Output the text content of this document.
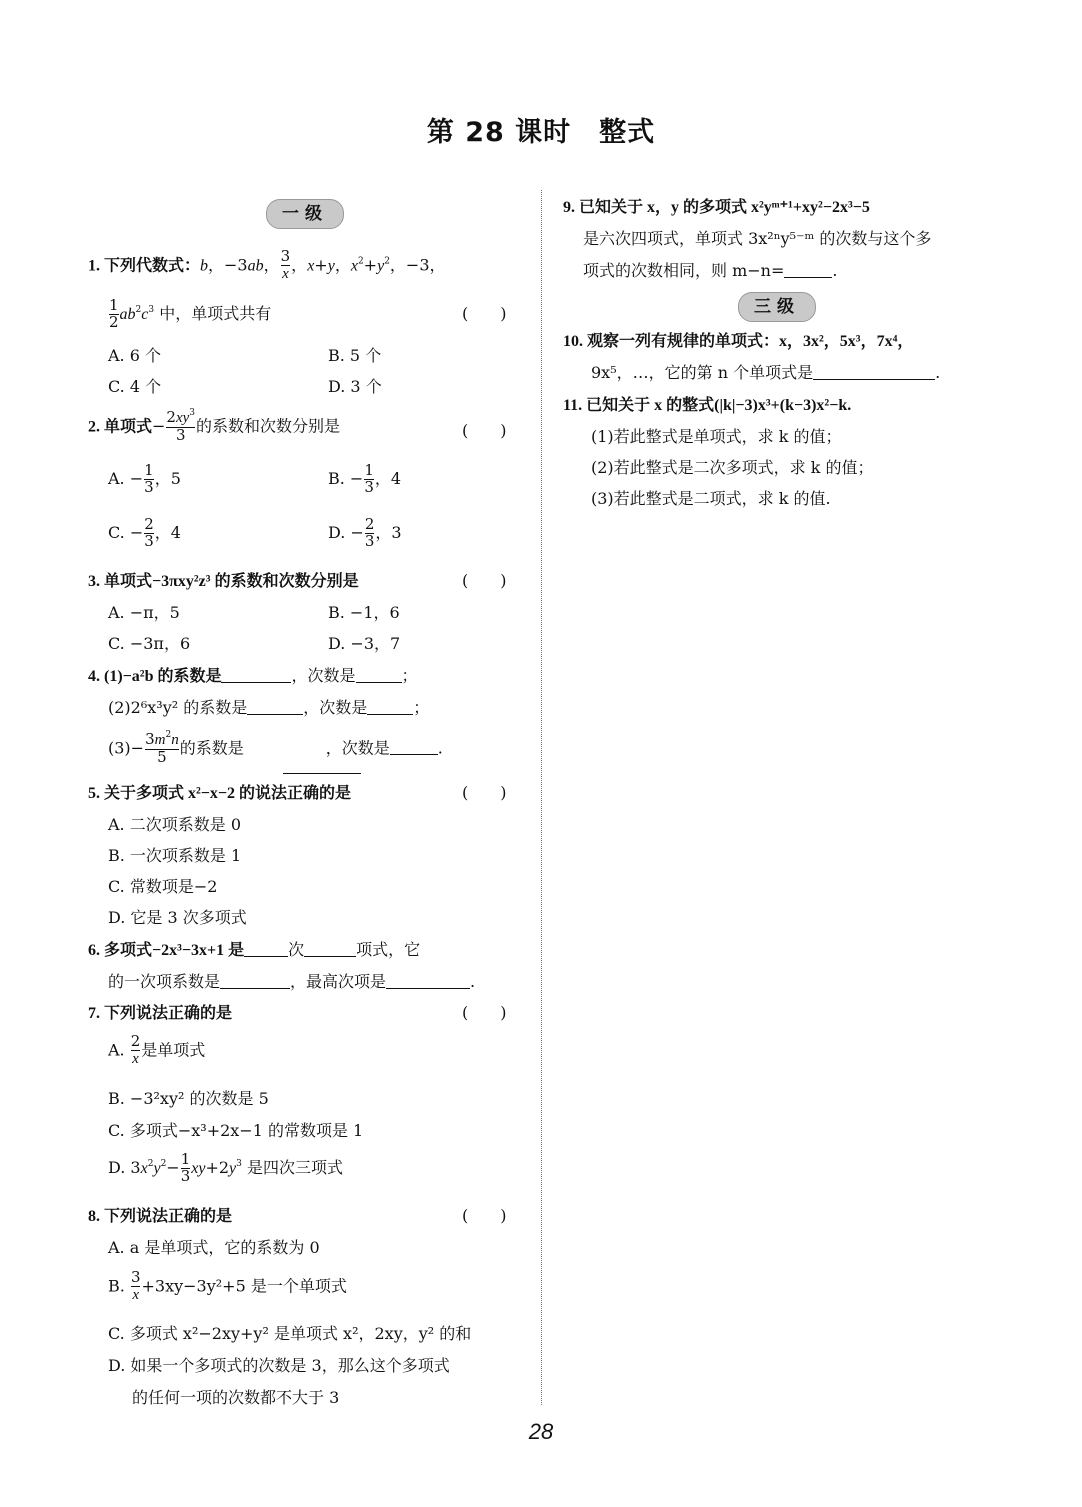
第 28 课时　整式
一级
1. 下列代数式：b，−3ab， $\frac{3}{x}$ ，x+y，$x^2+y^2$，−3，
$\frac{1}{2} ab^2c^3$ 中，单项式共有	(　　)
A. 6 个	B. 5 个
C. 4 个	D. 3 个
2. 单项式− $\frac{2xy^3}{3}$ 的系数和次数分别是	(　　)
A. − $\frac{1}{3}$ ，5	B. − $\frac{1}{3}$ ，4
C. − $\frac{2}{3}$ ，4	D. − $\frac{2}{3}$ ，3
3. 单项式−3πxy²z³ 的系数和次数分别是	(　　)
A. −π，5	B. −1，6
C. −3π，6	D. −3，7
4. (1)−a²b 的系数是	，次数是	；
(2)2⁶x³y² 的系数是	，次数是	；
$(3)- \frac{3m^2n}{5}$ 的系数是	，次数是	.
5. 关于多项式 x²−x−2 的说法正确的是	(　　)
A. 二次项系数是 0
B. 一次项系数是 1
C. 常数项是−2
D. 它是 3 次多项式
6. 多项式−2x³−3x+1 是	次	项式，它
的一次项系数是	，最高次项是	.
7. 下列说法正确的是	(　　)
A. $\frac{2}{x}$ 是单项式
B. −3²xy² 的次数是 5
C. 多项式−x³+2x−1 的常数项是 1
D. $3x^2y^2- \frac{1}{3} xy+2y^3$ 是四次三项式
8. 下列说法正确的是	(　　)
A. a 是单项式，它的系数为 0
B. $\frac{3}{x} +3xy-3y^2+5$ 是一个单项式
C. 多项式 x²−2xy+y² 是单项式 x²，2xy，y² 的和
D. 如果一个多项式的次数是 3，那么这个多项式
的任何一项的次数都不大于 3
9. 已知关于 x，y 的多项式 x²yᵐ⁺¹+xy²−2x³−5
是六次四项式，单项式 3x²ⁿy⁵⁻ᵐ 的次数与这个多
项式的次数相同，则 m−n=	.
三级
10. 观察一列有规律的单项式：x，3x²，5x³，7x⁴，
9x⁵，…，它的第 n 个单项式是	.
11. 已知关于 x 的整式(|k|−3)x³+(k−3)x²−k.
(1)若此整式是单项式，求 k 的值；
(2)若此整式是二次多项式，求 k 的值；
(3)若此整式是二项式，求 k 的值.
28
